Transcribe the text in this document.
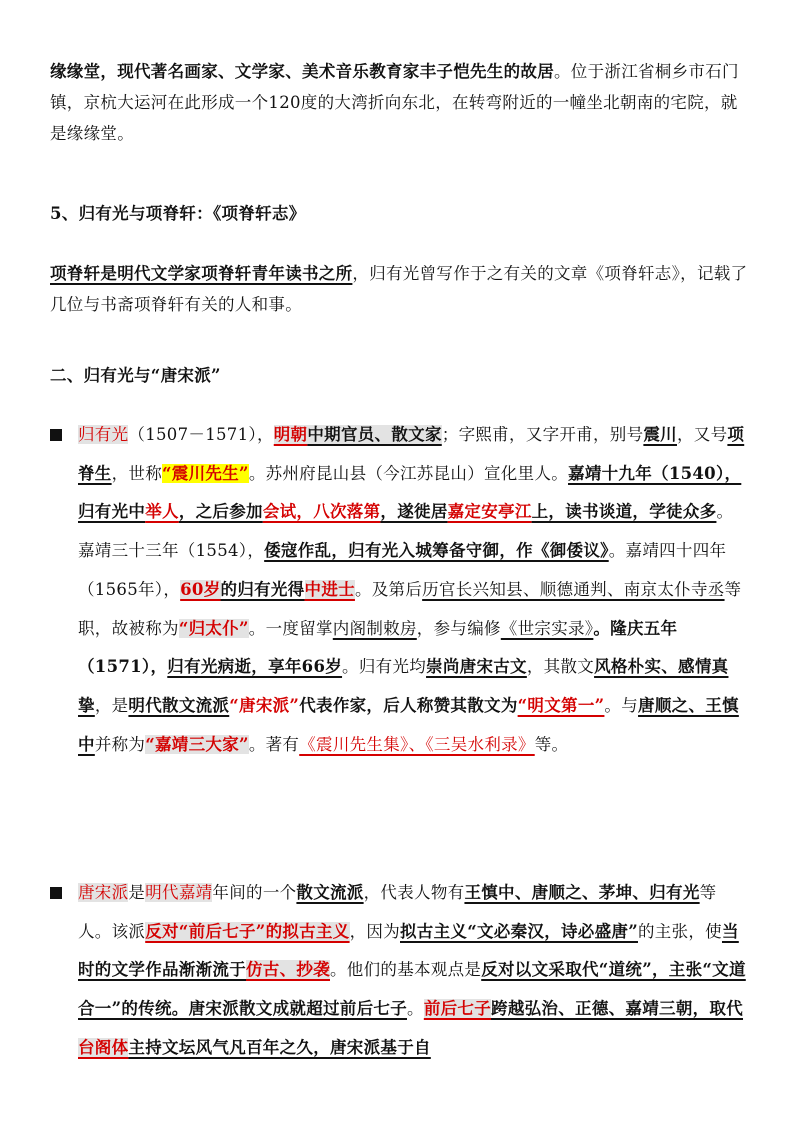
缘缘堂，现代著名画家、文学家、美术音乐教育家丰子恺先生的故居。位于浙江省桐乡市石门镇，京杭大运河在此形成一个120度的大湾折向东北，在转弯附近的一幢坐北朝南的宅院，就是缘缘堂。
5、归有光与项脊轩：《项脊轩志》
项脊轩是明代文学家项脊轩青年读书之所，归有光曾写作于之有关的文章《项脊轩志》，记载了几位与书斋项脊轩有关的人和事。
二、归有光与“唐宋派”
归有光（1507－1571），明朝中期官员、散文家；字熙甫，又字开甫，别号震川，又号项脊生，世称“震川先生”。苏州府昆山县（今江苏昆山）宣化里人。嘉靖十九年（1540），归有光中举人，之后参加会试，八次落第，遂徙居嘉定安亭江上，读书谈道，学徒众多。嘉靖三十三年（1554），倭寇作乱，归有光入城筹备守御，作《御倭议》。嘉靖四十四年（1565年），60岁的归有光得中进士。及第后历官长兴知县、顺德通判、南京太仆寺丞等职，故被称为“归太仆”。一度留掌内阁制敕房，参与编修《世宗实录》。隆庆五年（1571），归有光病逝，享年66岁。归有光均崇尚唐宋古文，其散文风格朴实、感情真挚，是明代散文流派“唐宋派”代表作家，后人称赞其散文为“明文第一”。与唐顺之、王慎中并称为“嘉靖三大家”。著有《震川先生集》、《三吴水利录》等。
唐宋派是明代嘉靖年间的一个散文流派，代表人物有王慎中、唐顺之、茅坤、归有光等人。该派反对“前后七子”的拟古主义，因为拟古主义“文必秦汉，诗必盛唐”的主张，使当时的文学作品渐渐流于仿古、抄袭。他们的基本观点是反对以文采取代“道统”，主张“文道合一”的传统。唐宋派散文成就超过前后七子。前后七子跨越弘治、正德、嘉靖三朝，取代台阁体主持文坛风气凡百年之久，唐宋派基于自
